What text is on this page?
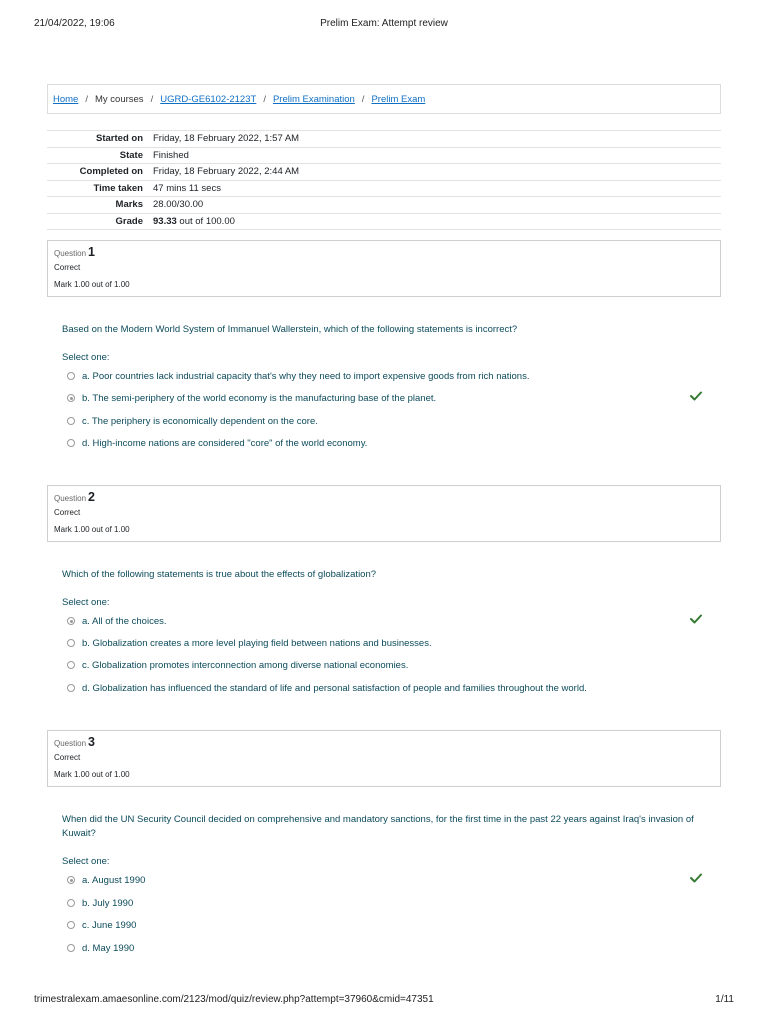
21/04/2022, 19:06	Prelim Exam: Attempt review
Home / My courses / UGRD-GE6102-2123T / Prelim Examination / Prelim Exam
Started on	Friday, 18 February 2022, 1:57 AM
State	Finished
Completed on	Friday, 18 February 2022, 2:44 AM
Time taken	47 mins 11 secs
Marks	28.00/30.00
Grade	93.33 out of 100.00
Question 1
Correct
Mark 1.00 out of 1.00
Based on the Modern World System of Immanuel Wallerstein, which of the following statements is incorrect?
Select one:
a. Poor countries lack industrial capacity that's why they need to import expensive goods from rich nations.
b. The semi-periphery of the world economy is the manufacturing base of the planet.
c. The periphery is economically dependent on the core.
d. High-income nations are considered "core" of the world economy.
Question 2
Correct
Mark 1.00 out of 1.00
Which of the following statements is true about the effects of globalization?
Select one:
a. All of the choices.
b. Globalization creates a more level playing field between nations and businesses.
c. Globalization promotes interconnection among diverse national economies.
d. Globalization has influenced the standard of life and personal satisfaction of people and families throughout the world.
Question 3
Correct
Mark 1.00 out of 1.00
When did the UN Security Council decided on comprehensive and mandatory sanctions, for the first time in the past 22 years against Iraq's invasion of Kuwait?
Select one:
a. August 1990
b. July 1990
c. June 1990
d. May 1990
trimestralexam.amaesonline.com/2123/mod/quiz/review.php?attempt=37960&cmid=47351	1/11
